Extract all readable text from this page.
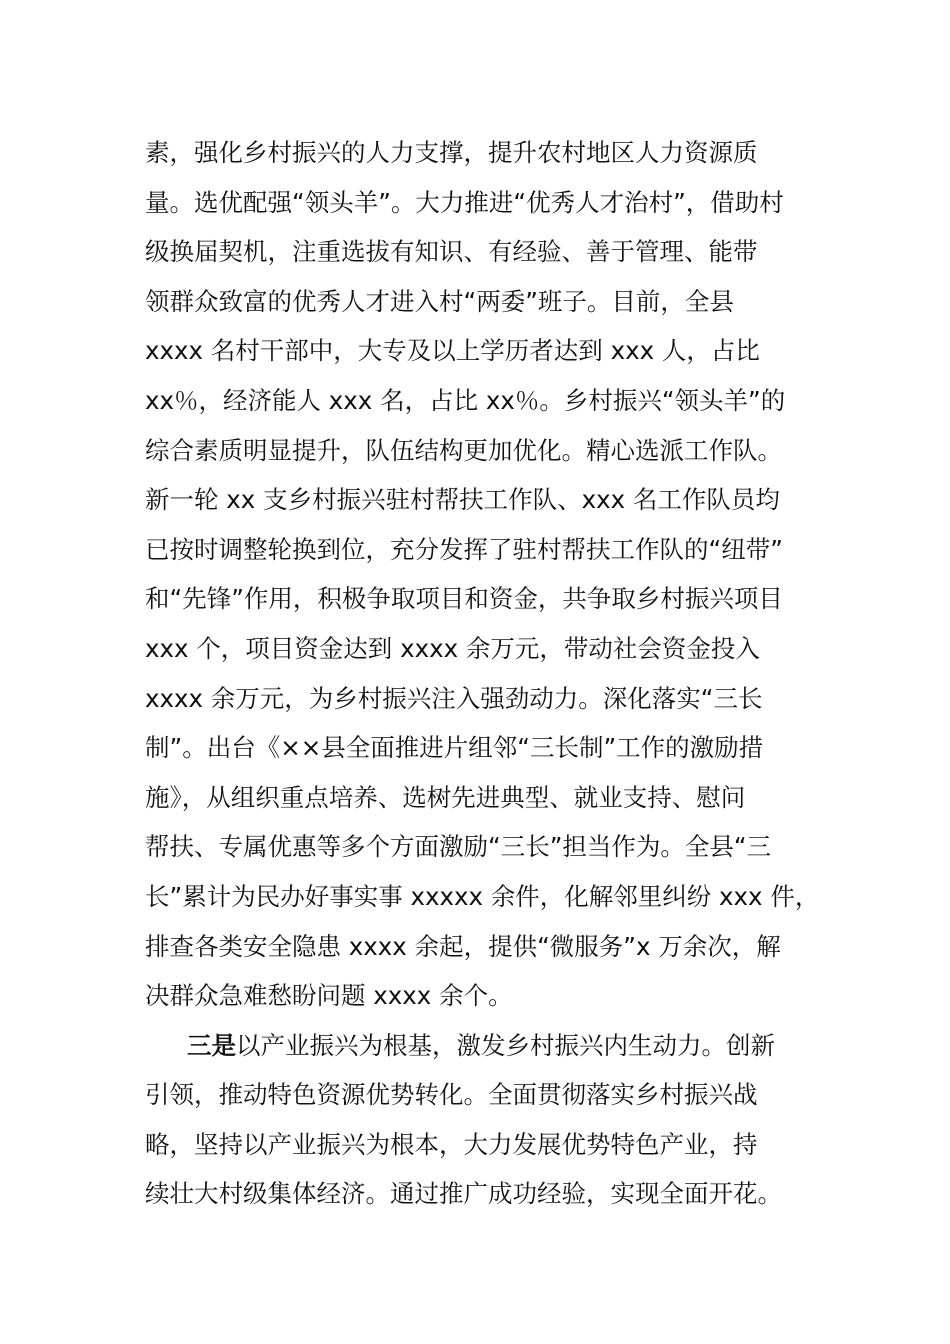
素，强化乡村振兴的人力支撑，提升农村地区人力资源质
量。选优配强“领头羊”。大力推进“优秀人才治村”，借助村
级换届契机，注重选拔有知识、有经验、善于管理、能带
领群众致富的优秀人才进入村“两委”班子。目前，全县
xxxx 名村干部中，大专及以上学历者达到 xxx 人，占比
xx％，经济能人 xxx 名，占比 xx％。乡村振兴“领头羊”的
综合素质明显提升，队伍结构更加优化。精心选派工作队。
新一轮 xx 支乡村振兴驻村帮扶工作队、xxx 名工作队员均
已按时调整轮换到位，充分发挥了驻村帮扶工作队的“纽带”
和“先锋”作用，积极争取项目和资金，共争取乡村振兴项目
xxx 个，项目资金达到 xxxx 余万元，带动社会资金投入
xxxx 余万元，为乡村振兴注入强劲动力。深化落实“三长
制”。出台《××县全面推进片组邻“三长制”工作的激励措
施》，从组织重点培养、选树先进典型、就业支持、慰问
帮扶、专属优惠等多个方面激励“三长”担当作为。全县“三
长”累计为民办好事实事 xxxxx 余件，化解邻里纠纷 xxx 件，
排查各类安全隐患 xxxx 余起，提供“微服务”x 万余次，解
决群众急难愁盼问题 xxxx 余个。
三是以产业振兴为根基，激发乡村振兴内生动力。创新
引领，推动特色资源优势转化。全面贯彻落实乡村振兴战
略，坚持以产业振兴为根本，大力发展优势特色产业，持
续壮大村级集体经济。通过推广成功经验，实现全面开花。
